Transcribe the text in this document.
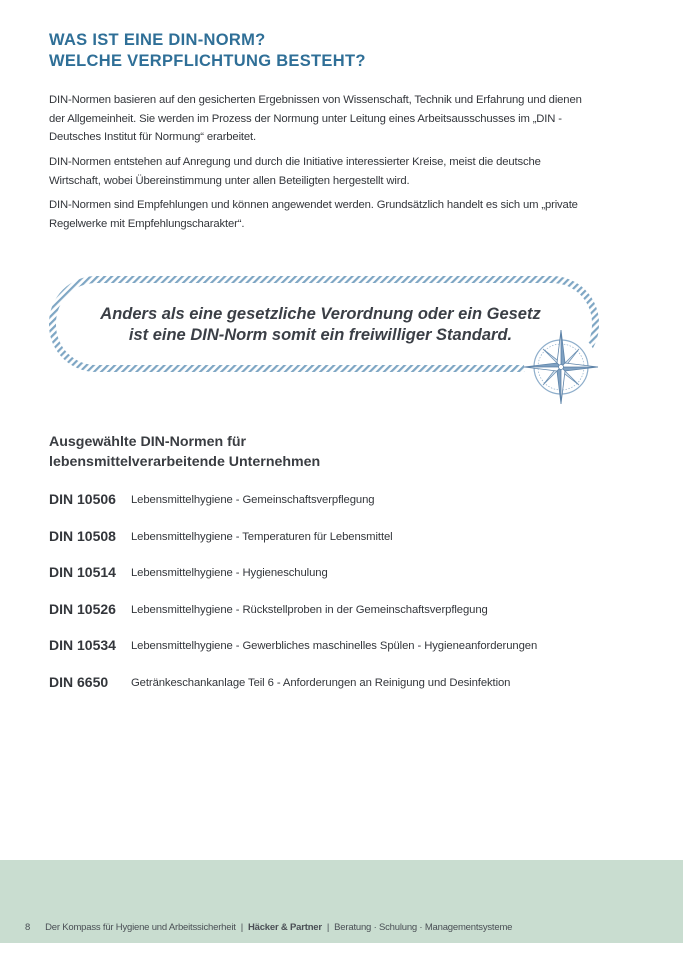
WAS IST EINE DIN-NORM?
WELCHE VERPFLICHTUNG BESTEHT?

DIN-Normen basieren auf den gesicherten Ergebnissen von Wissenschaft, Technik und Erfahrung und dienen der Allgemeinheit. Sie werden im Prozess der Normung unter Leitung eines Arbeitsausschusses im „DIN - Deutsches Institut für Normung“ erarbeitet.

DIN-Normen entstehen auf Anregung und durch die Initiative interessierter Kreise, meist die deutsche Wirtschaft, wobei Übereinstimmung unter allen Beteiligten hergestellt wird.

DIN-Normen sind Empfehlungen und können angewendet werden. Grundsätzlich handelt es sich um „private Regelwerke mit Empfehlungscharakter“.

Anders als eine gesetzliche Verordnung oder ein Gesetz
ist eine DIN-Norm somit ein freiwilliger Standard.

Ausgewählte DIN-Normen für
lebensmittelverarbeitende Unternehmen
DIN 10506 Lebensmittelhygiene - Gemeinschaftsverpflegung
DIN 10508 Lebensmittelhygiene - Temperaturen für Lebensmittel
DIN 10514 Lebensmittelhygiene - Hygieneschulung
DIN 10526 Lebensmittelhygiene - Rückstellproben in der Gemeinschaftsverpflegung
DIN 10534 Lebensmittelhygiene - Gewerbliches maschinelles Spülen - Hygieneanforderungen
DIN 6650 Getränkeschankanlage Teil 6 - Anforderungen an Reinigung und Desinfektion
8 Der Kompass für Hygiene und Arbeitssicherheit | Häcker & Partner | Beratung · Schulung · Managementsysteme
